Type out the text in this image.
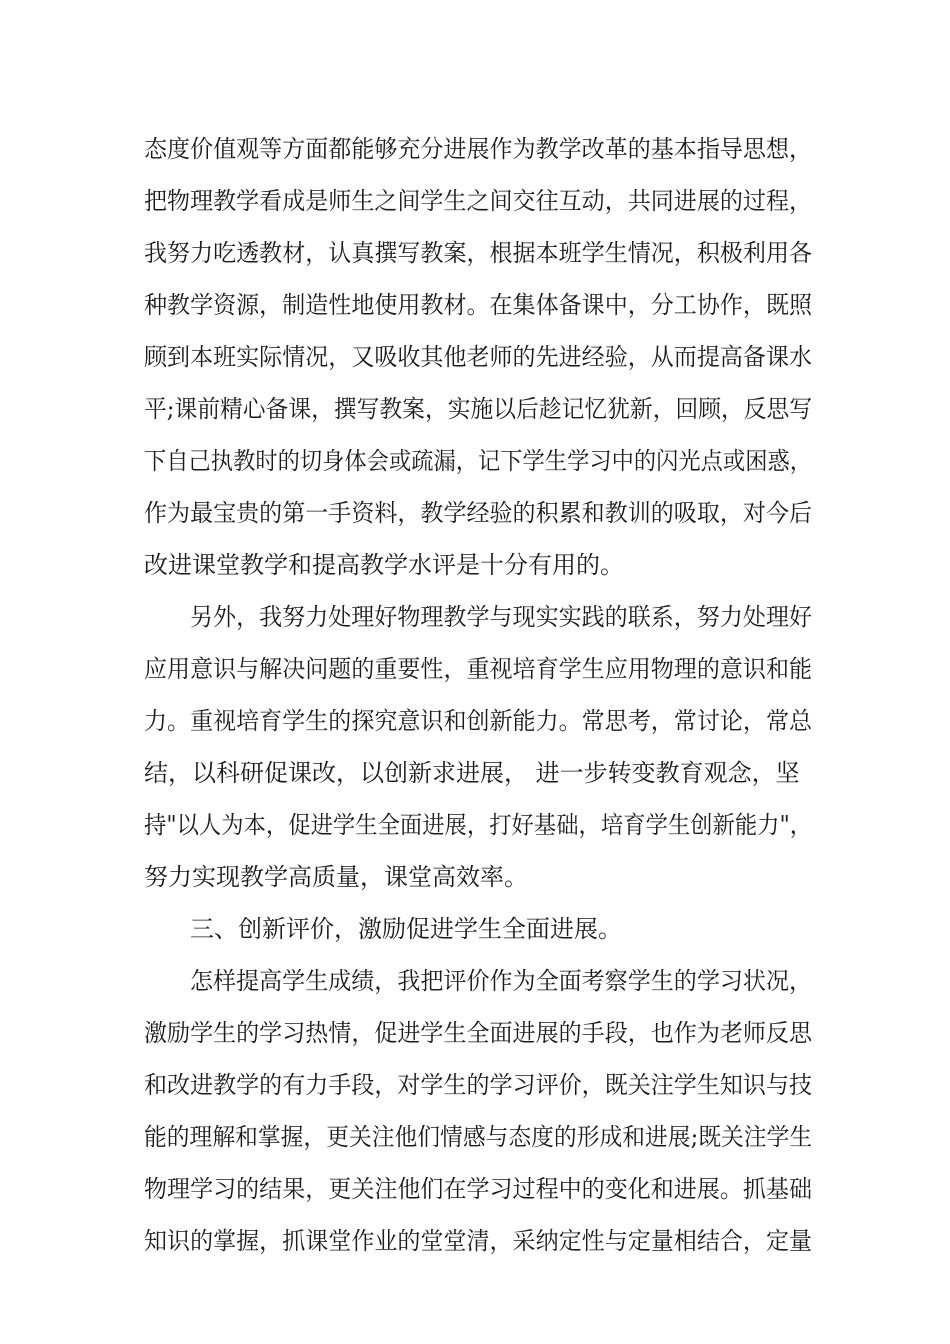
态度价值观等方面都能够充分进展作为教学改革的基本指导思想，
把物理教学看成是师生之间学生之间交往互动，共同进展的过程，
我努力吃透教材，认真撰写教案，根据本班学生情况，积极利用各
种教学资源，制造性地使用教材。在集体备课中，分工协作，既照
顾到本班实际情况，又吸收其他老师的先进经验，从而提高备课水
平;课前精心备课，撰写教案，实施以后趁记忆犹新，回顾，反思写
下自己执教时的切身体会或疏漏，记下学生学习中的闪光点或困惑，
作为最宝贵的第一手资料，教学经验的积累和教训的吸取，对今后
改进课堂教学和提高教学水评是十分有用的。
另外，我努力处理好物理教学与现实实践的联系，努力处理好
应用意识与解决问题的重要性，重视培育学生应用物理的意识和能
力。重视培育学生的探究意识和创新能力。常思考，常讨论，常总
结，以科研促课改，以创新求进展， 进一步转变教育观念，坚
持"以人为本，促进学生全面进展，打好基础，培育学生创新能力"，
努力实现教学高质量，课堂高效率。
三、创新评价，激励促进学生全面进展。
怎样提高学生成绩，我把评价作为全面考察学生的学习状况，
激励学生的学习热情，促进学生全面进展的手段，也作为老师反思
和改进教学的有力手段，对学生的学习评价，既关注学生知识与技
能的理解和掌握，更关注他们情感与态度的形成和进展;既关注学生
物理学习的结果，更关注他们在学习过程中的变化和进展。抓基础
知识的掌握，抓课堂作业的堂堂清，采纳定性与定量相结合，定量
